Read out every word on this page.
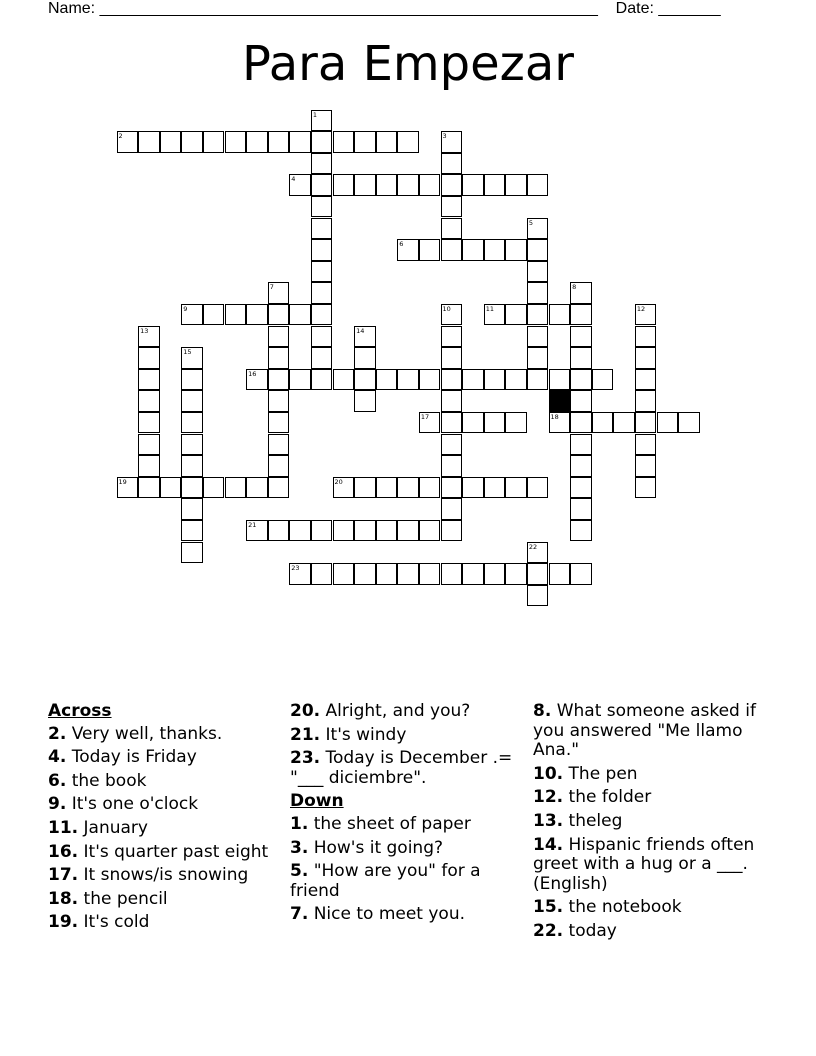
Name: ________________________________________________________ Date: _______
Para Empezar
1
2	3
4
5
6
7	8
9	10	11	12
13	14
15
16
17	18
19	20
21
22
23
Across
2. Very well, thanks.
4. Today is Friday
6. the book
9. It's one o'clock
11. January
16. It's quarter past eight
17. It snows/is snowing
18. the pencil
19. It's cold
20. Alright, and you?
21. It's windy
23. Today is December .= "___ diciembre".
Down
1. the sheet of paper
3. How's it going?
5. "How are you" for a friend
7. Nice to meet you.
8. What someone asked if you answered "Me llamo Ana."
10. The pen
12. the folder
13. theleg
14. Hispanic friends often greet with a hug or a ___. (English)
15. the notebook
22. today
